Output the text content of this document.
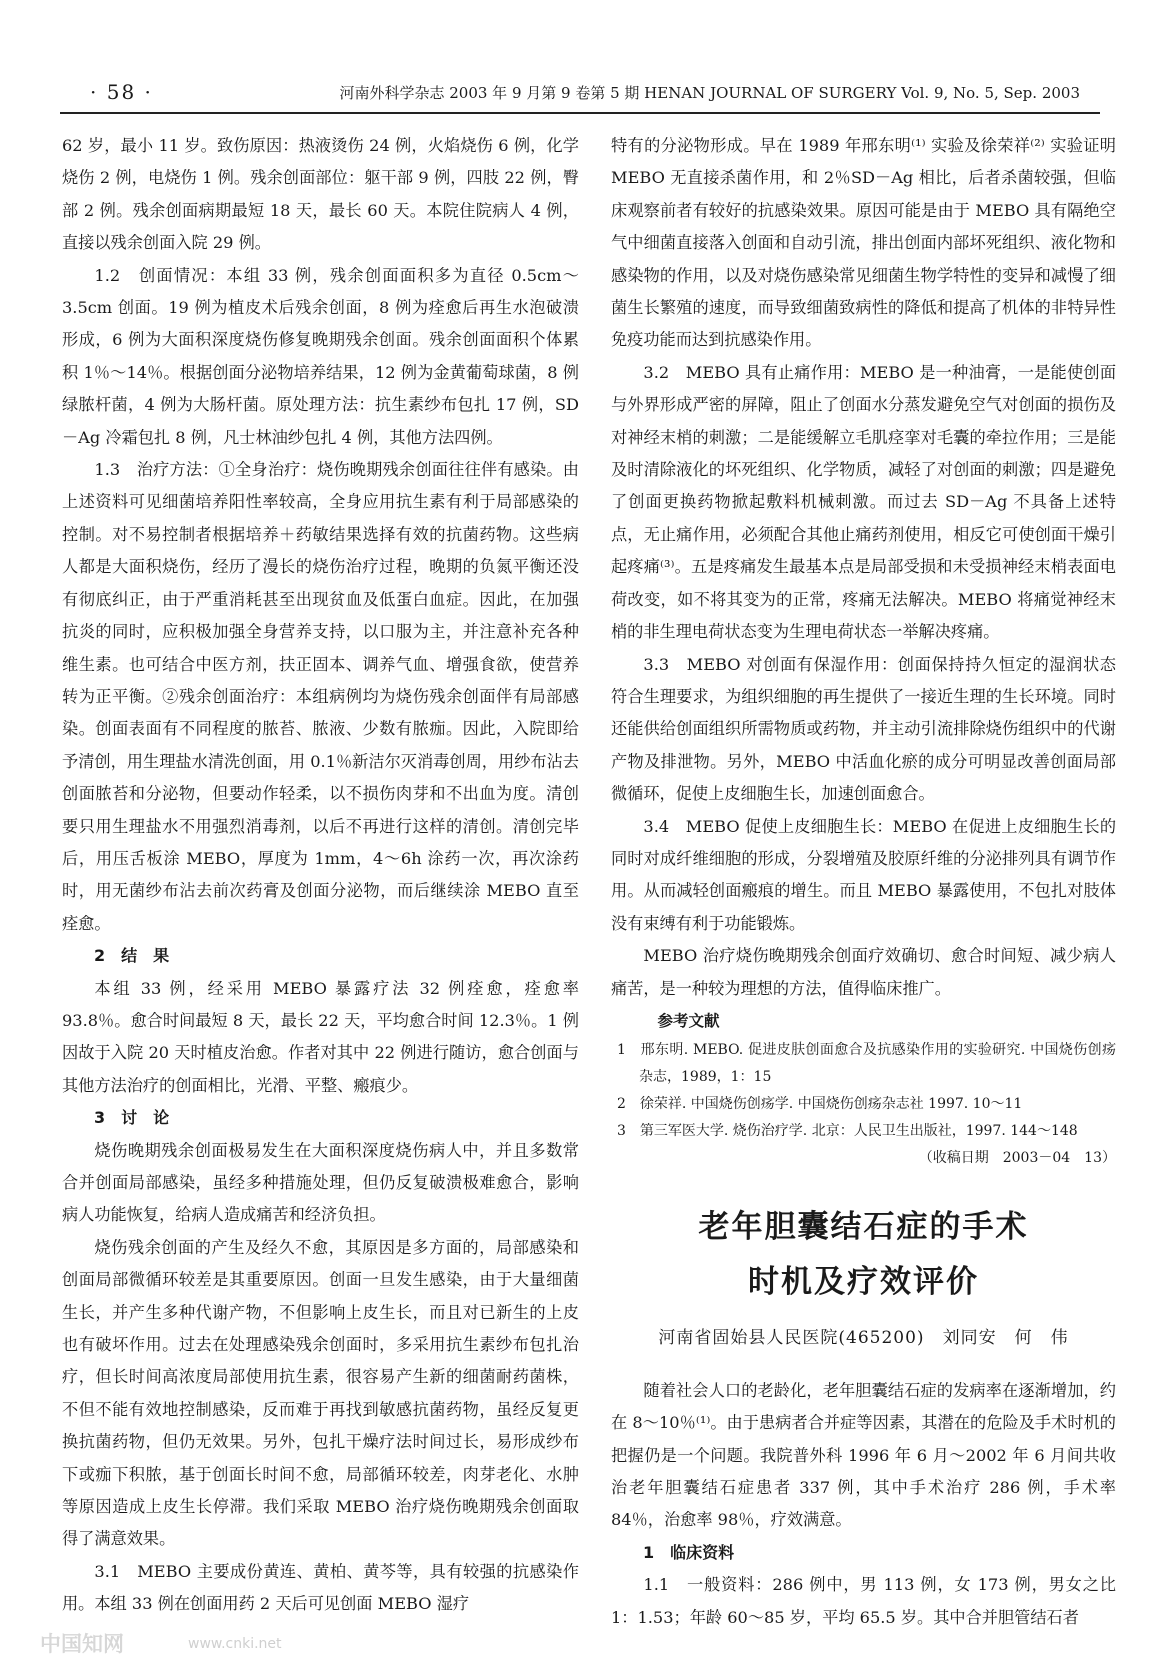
· 58 ·	河南外科学杂志 2003 年 9 月第 9 卷第 5 期 HENAN JOURNAL OF SURGERY Vol. 9, No. 5, Sep. 2003

62 岁，最小 11 岁。致伤原因：热液烫伤 24 例，火焰烧伤 6 例，化学烧伤 2 例，电烧伤 1 例。残余创面部位：躯干部 9 例，四肢 22 例，臀部 2 例。残余创面病期最短 18 天，最长 60 天。本院住院病人 4 例，直接以残余创面入院 29 例。

1.2　创面情况：本组 33 例，残余创面面积多为直径 0.5cm～3.5cm 创面。19 例为植皮术后残余创面，8 例为痊愈后再生水泡破溃形成，6 例为大面积深度烧伤修复晚期残余创面。残余创面面积个体累积 1％～14％。根据创面分泌物培养结果，12 例为金黄葡萄球菌，8 例绿脓杆菌，4 例为大肠杆菌。原处理方法：抗生素纱布包扎 17 例，SD－Ag 冷霜包扎 8 例，凡士林油纱包扎 4 例，其他方法四例。

1.3　治疗方法：①全身治疗：烧伤晚期残余创面往往伴有感染。由上述资料可见细菌培养阳性率较高，全身应用抗生素有利于局部感染的控制。对不易控制者根据培养＋药敏结果选择有效的抗菌药物。这些病人都是大面积烧伤，经历了漫长的烧伤治疗过程，晚期的负氮平衡还没有彻底纠正，由于严重消耗甚至出现贫血及低蛋白血症。因此，在加强抗炎的同时，应积极加强全身营养支持，以口服为主，并注意补充各种维生素。也可结合中医方剂，扶正固本、调养气血、增强食欲，使营养转为正平衡。②残余创面治疗：本组病例均为烧伤残余创面伴有局部感染。创面表面有不同程度的脓苔、脓液、少数有脓痂。因此，入院即给予清创，用生理盐水清洗创面，用 0.1％新洁尔灭消毒创周，用纱布沾去创面脓苔和分泌物，但要动作轻柔，以不损伤肉芽和不出血为度。清创要只用生理盐水不用强烈消毒剂，以后不再进行这样的清创。清创完毕后，用压舌板涂 MEBO，厚度为 1mm，4～6h 涂药一次，再次涂药时，用无菌纱布沾去前次药膏及创面分泌物，而后继续涂 MEBO 直至痊愈。

2　结　果

本组 33 例，经采用 MEBO 暴露疗法 32 例痊愈，痊愈率 93.8％。愈合时间最短 8 天，最长 22 天，平均愈合时间 12.3％。1 例因故于入院 20 天时植皮治愈。作者对其中 22 例进行随访，愈合创面与其他方法治疗的创面相比，光滑、平整、瘢痕少。

3　讨　论

烧伤晚期残余创面极易发生在大面积深度烧伤病人中，并且多数常合并创面局部感染，虽经多种措施处理，但仍反复破溃极难愈合，影响病人功能恢复，给病人造成痛苦和经济负担。

烧伤残余创面的产生及经久不愈，其原因是多方面的，局部感染和创面局部微循环较差是其重要原因。创面一旦发生感染，由于大量细菌生长，并产生多种代谢产物，不但影响上皮生长，而且对已新生的上皮也有破坏作用。过去在处理感染残余创面时，多采用抗生素纱布包扎治疗，但长时间高浓度局部使用抗生素，很容易产生新的细菌耐药菌株，不但不能有效地控制感染，反而难于再找到敏感抗菌药物，虽经反复更换抗菌药物，但仍无效果。另外，包扎干燥疗法时间过长，易形成纱布下或痂下积脓，基于创面长时间不愈，局部循环较差，肉芽老化、水肿等原因造成上皮生长停滞。我们采取 MEBO 治疗烧伤晚期残余创面取得了满意效果。

3.1　MEBO 主要成份黄连、黄柏、黄芩等，具有较强的抗感染作用。本组 33 例在创面用药 2 天后可见创面 MEBO 湿疗

特有的分泌物形成。早在 1989 年邢东明⁽¹⁾ 实验及徐荣祥⁽²⁾ 实验证明 MEBO 无直接杀菌作用，和 2％SD－Ag 相比，后者杀菌较强，但临床观察前者有较好的抗感染效果。原因可能是由于 MEBO 具有隔绝空气中细菌直接落入创面和自动引流，排出创面内部坏死组织、液化物和感染物的作用，以及对烧伤感染常见细菌生物学特性的变异和减慢了细菌生长繁殖的速度，而导致细菌致病性的降低和提高了机体的非特异性免疫功能而达到抗感染作用。

3.2　MEBO 具有止痛作用：MEBO 是一种油膏，一是能使创面与外界形成严密的屏障，阻止了创面水分蒸发避免空气对创面的损伤及对神经末梢的刺激；二是能缓解立毛肌痉挛对毛囊的牵拉作用；三是能及时清除液化的坏死组织、化学物质，减轻了对创面的刺激；四是避免了创面更换药物掀起敷料机械刺激。而过去 SD－Ag 不具备上述特点，无止痛作用，必须配合其他止痛药剂使用，相反它可使创面干燥引起疼痛⁽³⁾。五是疼痛发生最基本点是局部受损和未受损神经末梢表面电荷改变，如不将其变为的正常，疼痛无法解决。MEBO 将痛觉神经末梢的非生理电荷状态变为生理电荷状态一举解决疼痛。

3.3　MEBO 对创面有保湿作用：创面保持持久恒定的湿润状态符合生理要求，为组织细胞的再生提供了一接近生理的生长环境。同时还能供给创面组织所需物质或药物，并主动引流排除烧伤组织中的代谢产物及排泄物。另外，MEBO 中活血化瘀的成分可明显改善创面局部微循环，促使上皮细胞生长，加速创面愈合。

3.4　MEBO 促使上皮细胞生长：MEBO 在促进上皮细胞生长的同时对成纤维细胞的形成，分裂增殖及胶原纤维的分泌排列具有调节作用。从而减轻创面瘢痕的增生。而且 MEBO 暴露使用，不包扎对肢体没有束缚有利于功能锻炼。

MEBO 治疗烧伤晚期残余创面疗效确切、愈合时间短、减少病人痛苦，是一种较为理想的方法，值得临床推广。

参考文献

1　邢东明. MEBO. 促进皮肤创面愈合及抗感染作用的实验研究. 中国烧伤创疡杂志，1989，1：15

2　徐荣祥. 中国烧伤创疡学. 中国烧伤创疡杂志社 1997. 10～11

3　第三军医大学. 烧伤治疗学. 北京：人民卫生出版社，1997. 144～148

（收稿日期　2003－04　13）

老年胆囊结石症的手术
时机及疗效评价

河南省固始县人民医院(465200)　刘同安　何　伟

随着社会人口的老龄化，老年胆囊结石症的发病率在逐渐增加，约在 8～10％⁽¹⁾。由于患病者合并症等因素，其潜在的危险及手术时机的把握仍是一个问题。我院普外科 1996 年 6 月～2002 年 6 月间共收治老年胆囊结石症患者 337 例，其中手术治疗 286 例，手术率 84％，治愈率 98％，疗效满意。

1　临床资料

1.1　一般资料：286 例中，男 113 例，女 173 例，男女之比 1：1.53；年龄 60～85 岁，平均 65.5 岁。其中合并胆管结石者

中国知网	www.cnki.net
